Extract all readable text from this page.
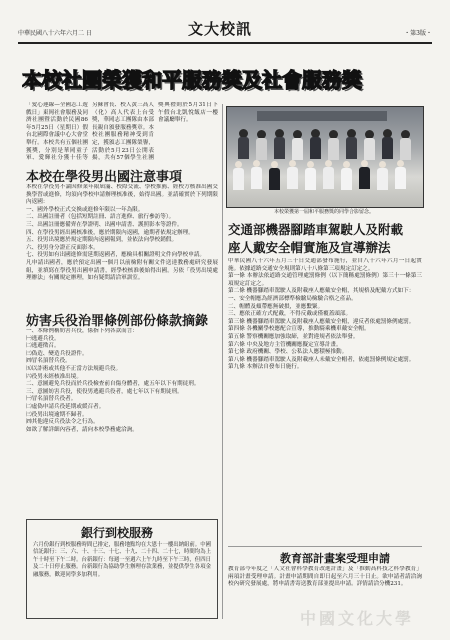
中華民國八十六年六月二 日	文大校訊	・第3版・
本校社團榮獲和平服務獎及社會服務獎
「愛心連線—全國志工遊戲日」東岡社會服務及同濟社團暨活動於民國86年5月25日（星期日）假台北國際會議中心大會堂舉行。本校共有五個社團獲獎，分別是華岡童子軍、愛輝社分獲十佳等
另蘇會長、校人黃三高人（化）高人代表上台受獎，華岡志工團隊由本部長親自頒發服務獎章。本校社團服務精神受到肯定，獲頒志工團隊榮譽，活動於5月23日公開表揚，共有57個學生社團
獎典禮則於5月31日下午假台北凱悅飯店一樓會議廳舉行。
本校榮獲第一屆和平服務獎的同學合影留念。
本校在學役男出國注意事項
本校在學役男不論因修業年限屆滿、校際交流、學校推薦、經校方核准出國交換學習或進修，均須向學校申請辦理核准後，始得出國。並請確實於下列期限內返國：
一、國外學校正式交換或進修年限以一年為限。
二、出國註冊者（包括短期註冊、語言進修、旅行參訪等）。
三、出國註冊應備齊在學證明、出國申請書、護照影本等證件。
四、在學役男經出國核准後，應於期限內返國，逾期者依規定辦理。
五、役男出境應於規定期限內返國報到，並依法向學校銷假。
六、役男身分證正反面影本。
七、役男如有出國進修需延期返國者，應檢具相關證明文件向學校申請。
凡申請出國者，應於預定出國一個月以前檢附有關文件送達教務處研究發展組，並填寫在學役男出國申請書，經學校核准後始得出國。另依「役男出境處理辦法」有關規定辦理，如有疑問請洽軍訓室。
妨害兵役治罪條例部份條款摘錄
一、本條例稱妨害兵役，係指下列各款而言：
㈠逃避兵役。
㈡逃避徵召。
㈢偽造、變造兵役證件。
㈣冒名頂替兵役。
㈤以詐術或其他不正當方法規避兵役。
㈥役男未經核准出境。
二、意圖避免兵役而於兵役檢查前自傷身體者，處五年以下有期徒刑。
三、意圖妨害兵役，使役男逃避兵役者，處七年以下有期徒刑。
㈠冒名頂替兵役者。
㈡虛偽申請兵役延期或緩召者。
㈢役男出境逾期不歸者。
㈣其他違反兵役法令之行為。
如欲了解詳細內容者，請向本校學務處洽詢。
銀行到校服務
六月份銀行到校服務時間已排定，服務地點均在大恩十一樓出納組前。中國信託銀行：三、六、十、十三、十七、十九、二十四、二十七，時間均為上午十時至下午二時。台新銀行：每週一至週六上午九時至下午三時，但四日及二十日停止服務。台新銀行為協助學生辦理存款業務，並提供學生各項金融服務，歡迎同學多加利用。
交通部機器腳踏車駕駛人及附載
座人戴安全帽實施及宣導辦法
中華民國八十六年五月三十日交通部發布施行，並自八十六年六月一日起實施。依據道路交通安全規則第八十八條第三項規定訂定之。
第一條 本辦法依道路交通管理處罰條例（以下簡稱處罰條例）第三十一條第三項規定訂定之。
第二條 機器腳踏車駕駛人及附載座人應戴安全帽，其規格及配戴方式如下：
一、安全帽應為經濟部標準檢驗局檢驗合格之產品。
二、帽體及頦帶應無破損，並應繫緊。
三、應依正確方式配戴，不得反戴或僅覆蓋頭部。
第三條 機器腳踏車駕駛人及附載座人應戴安全帽，違反者依處罰條例處罰。
第四條 各機關學校應配合宣導，推動騎乘機車戴安全帽。
第五條 警察機關應加強取締，並對違規者依法舉發。
第六條 中央及地方主管機關應擬定宣導計畫。
第七條 政府機關、學校、公私法人應積極推動。
第八條 機器腳踏車駕駛人及附載座人未戴安全帽者，依處罰條例規定處罰。
第九條 本辦法自發布日施行。
教育部計畫案受理申請
教育部今年度之「人文社會科學教育改進計畫」及「推動高科技之科學教育」兩項計畫受理申請。計畫申請期間自即日起至六月三十日止。欲申請者請洽詢校內研究發展處，將申請書寄送教育部並提出申請。詳情請洽分機231。
中國文化大學
